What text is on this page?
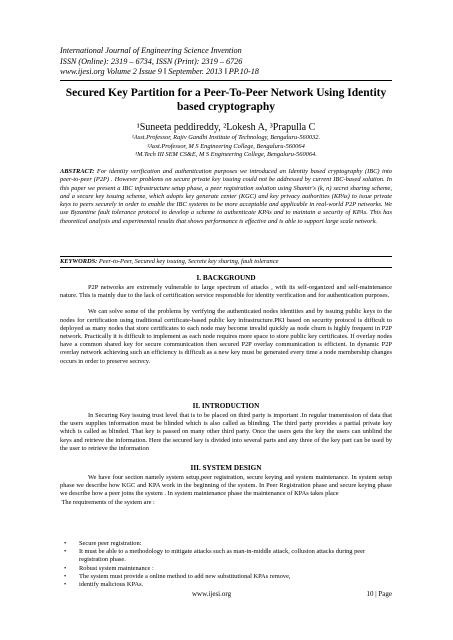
International Journal of Engineering Science Invention
ISSN (Online): 2319 – 6734, ISSN (Print): 2319 – 6726
www.ijesi.org Volume 2 Issue 9 ǁ September. 2013 ǁ PP.10-18
Secured Key Partition for a Peer-To-Peer Network Using Identity based cryptography
¹Suneeta peddireddy, ²Lokesh A, ³Prapulla C
¹Asst.Professor, Rajiv Gandhi Institute of Technology, Bengaluru-560032.
²Asst.Professor, M S Engineering College, Bengaluru-560064
³M.Tech III SEM CS&E, M S Engineering College, Bengaluru-560064.
ABSTRACT: For identity verification and authentication purposes we introduced an Identity based cryptography (IBC) into peer-to-peer (P2P) . However problems on secure private key issuing could not be addressed by current IBC-based solution. In this paper we present a IBC infrastructure setup phase, a peer registration solution using Shamir's (k, n) secret sharing scheme, and a secure key issuing scheme, which adopts key generate center (KGC) and key privacy authorities (KPAs) to issue private keys to peers securely in order to enable the IBC systems to be more acceptable and applicable in real-world P2P networks. We use Byzantine fault tolerance protocol to develop a scheme to authenticate KPAs and to maintain a security of KPAs. This has theoretical analysis and experimental results that shows performance is effective and is able to support large scale network.
KEYWORDS: Peer-to-Peer, Secured key issuing, Secrete key sharing, fault tolerance
I. BACKGROUND

P2P networks are extremely vulnerable to large spectrum of attacks , with its self-organized and self-maintenance nature. This is mainly due to the lack of certification service responsible for identity verification and for authentication purposes.

We can solve some of the problems by verifying the authenticated nodes identities and by issuing public keys to the nodes for certification using traditional certificate-based public key infrastructure.PKI based on security protocol is difficult to deployed as many nodes that store certificates to each node may become invalid quickly as node churn is highly frequent in P2P network. Practically it is difficult to implement as each node requires more space to store public key certificates. If overlay nodes have a common shared key for secure communication then secured P2P overlay communication is efficient. In dynamic P2P overlay network achieving such an efficiency is difficult as a new key must be generated every time a node membership changes occurs in order to preserve secrecy.

II. INTRODUCTION

In Securing Key issuing trust level that is to be placed on third party is important .In regular transmission of data that the users supplies information must be blinded which is also called as blinding. The third party provides a partial private key which is called as blinded. That key is passed on many other third party. Once the users gets the key the users can unblind the keys and retrieve the information. Here the secured key is divided into several parts and any three of the key part can be used by the user to retrieve the information

III. SYSTEM DESIGN

We have four section namely system setup,peer registration, secure keying and system maintenance. In system setup phase we describe how KGC and KPA work in the beginning of the system. In Peer Registration phase and secure keying phase we describe how a peer joins the system . In system maintenance phase the maintenance of KPAs takes place

The requirements of the system are :
• Secure peer registration:
• It must be able to a methodology to mitigate attacks such as man-in-middle attack, collusion attacks during peer registration phase.
• Robust system maintenance :
• The system must provide a online method to add new substitutional KPAs remove,
• identify malicious KPAs.
www.ijesi.org	10 | Page
